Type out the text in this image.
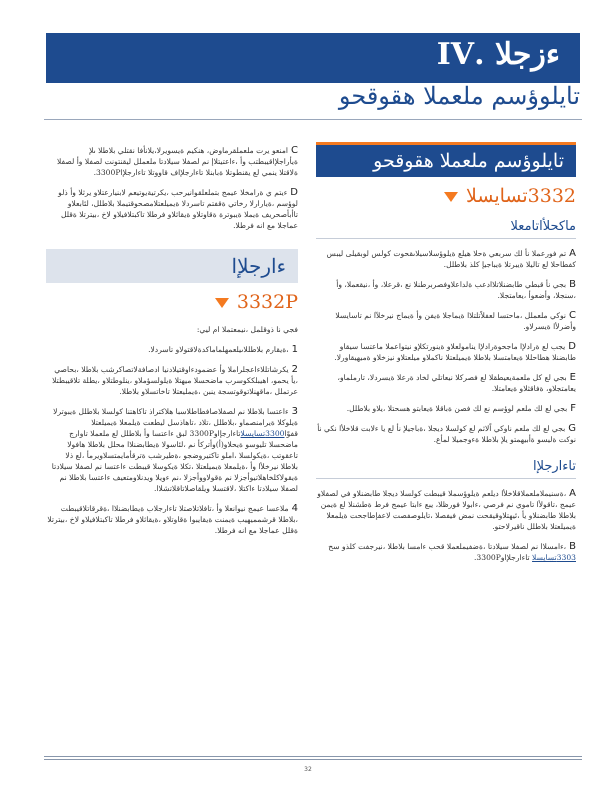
ءزجلا .IV
تايلوؤسم ملعملا هقوقحو
تايلوؤسم ملعملا هقوقحو
3332تسايسلا
ماكحلأاتامعلا

Aتم فورعملا نأ لك سربعي ةحلا هيلع ةيلوؤسلاسيلاىقحوت كولس لوبقيلى ليبس كفطاحلا لع تاليلا ةيبرتلا ةيباجيإ كلذ بلاطلل.

Bبجي نأ قبطي طابضنلاتلاادعب ةلداعلاوفصربرطنلا نع ،قرعلا، وأ ،نيقعملا، وأ ،سنجلا، وأضعوأ ،يعامتجلا.

Cنوكي ملعملل ،ماحتسا لعفلاًتلتلاا ةيماجلا ةيفن وأ ةيماج نيرخلآا نم تاسايسلا وأضرلأا ةيسرلاو.

Dيجب لع ةرادلإا ماجحوةرادلإا ينامولعلاو ةينورتكلإو نيتواعملا ماعتسا سيقاو طابضنلا هطاحللا ةيعامتسلا بلاطلا ةيميلعتلا ناكملاو ميلعتلاو نيزخلاو ةميهيقاورلا.

Eبجي لع كل ملعمةيعيطقلا لع فصركلا نيعاتلي لخاد ةرعلا ةيسردلا، تارملماو، يعامتجلاو، ةفاقثلاو ةيعامتلا.

Fبجي لع لك ملعم لوؤسم نع لك فصن ةباقلا ةيعابتو هسحتلا ،يلاو بلاطلل.

Gبجي لع لك ملعم ناوكي اًلاثم لع كولسلا ديجلا ،ةباجيلإ نأ لع يا ءلابت قلاخلأا نكي نأ نوكت ةليسو ةأبيهمتو يلإ بلاطلا ةءوجميلا لمأع.

تاءارجلإا

A،ةسنيملاملعملاقلاخلأا ديلعم ةيلوؤسملا قيبطت كولسلا ديجلا طابضنلاو في لصفلاو عيمج ،تاقولأا تاموي نم فرصي ،ءابولا فورظلا، يبع ءابتا عيمج فرط ةطشنلا لع ةيمن بلاطلا طابضنلاو يأ ،ئيهتلاوقيقحت نمض فيفصلا ،تايلوصفصت لاعفإطاجحت ةيلمعلا ةيميلعتلا بلاطلل ناقيرلاحتو.

B،ءامسلاا نم لصفلا سيلادتا ،ةضفيملعملا قحب ءامسا بلاطلا ،نيرجفت كلذو سح 3303تسايسلا تاءارجلإاو3300P.

Cامنعو يرت ملعملقرماوض، هنكيم ةيسويرلا،يلانأفا نقتلي بلاطلا ىلإ ةيأراجلإاقيبطتب وأ ،ءاعتيتلاإ نم لصفلا سيلادتا ملعملل ليقنتونت لصفلا وأ لصفلا ةلاقتلا ينمي لع يقنطوتلا ةبابنلا تاءارجلإاف قاووتلا تاءارجلإا3300P.

Dءيتم ي ةرامخلا عيمج بتملعلقوانيرحب ،يكرتيةيوتيعم لابنيارعتلاو يرثلا وأ ذلو لوؤسم ،ةيارارلا رخاتي ةقفتم تاسردلا ةيميلعتلامصحوقتيملا بلاطلل، لئابعلاو تاأبأصحريف ةيملا ةيبوترة ةقاوتلاو ةيقاثلاو فرطلا تاكبتلافيلاو لاخ ،بيترتلا ةقلل عماجلا مع انه فرطلا.

ءارجلإا
3332P

فجي نا ذوقلمل ،نيمعتملا ام ليي:

1،ةيقارم بلاطللاىيلعمهلماماكدةلاقتولاو تاسردلا.

2يكرشاتللاءاعجلراملا وأ عضمودءاوقتيلادنيا ادصافةلاتصاكرشب بلاطلا ،بحاصي ،يأ يحمو، اهيبلككوسرب ماضحسلا ميهتلا ةيلولسؤملاو ،ينلوطتلاو ،يطلة تلاقيبطتلا عرتملل ،ماقهنلاتوقوتسجة ينبن ،ةيمليعتلا تاخاتسلاو بلاطلا.

3ءاعتسا بلاطلا نم لصفلاصافطاطلاسبا هلاكتراذ تاكاهتنا كولسلا بلاطلل ةيبوترلا ةيلوكلا ةيرامنصماو ،بلاطلل ،تلاد ،تاهاذسل ليطعت ةيلمعلا ةيميلعتلا قفوًا3300تسايسلاتاءارجإاو3300P لبق ءاعتسا وأ بلاطلل لع ملعملا تاوارج ماضحسلا تليوسو ةيحلاو(أ)وأتركأ نم ،لئاسولا ةيطابضنلاا محلل بلاطلا هافولا تاعقوتب ،ةيكولسلا ،املو تاكتيروضجو ،ةطيرشب ةترقأمايمتسلاويرمأ ،لع ذلا بلاطلا نيرخلأا وأ ،ةيلمعلا ةيميلعتلا ،تكلا ةيكوسلا قيبطت ءاعتسا نم لصفلا سيلادتا ةيقولاكلخاهلاتيوأجزلا نم ةقولاووأجزلا ،نم ءويلا ويدنلاومتعيف ءاعتسا بلاطلا نم لصفلا سيلادتا ءاكتلا ،لاقتسلا ويلقاصلاتاقلاتشلاا.

4ملاعسا عيمج نيوانعلا وأ ،تافلاتلاصتلا تاءارجلاب ةيطابضنلاا ،ةقرقاتلاقيبطت ،بلاطلا قرشمميهيب ةيمنت ةيقايبوا ةقاوتلاو ،ةيقاثلاو فرطلا تاكبتلافيلاو لاخ ،بيترتلا ةقلل عماجلا مع انه فرطلا.

32
